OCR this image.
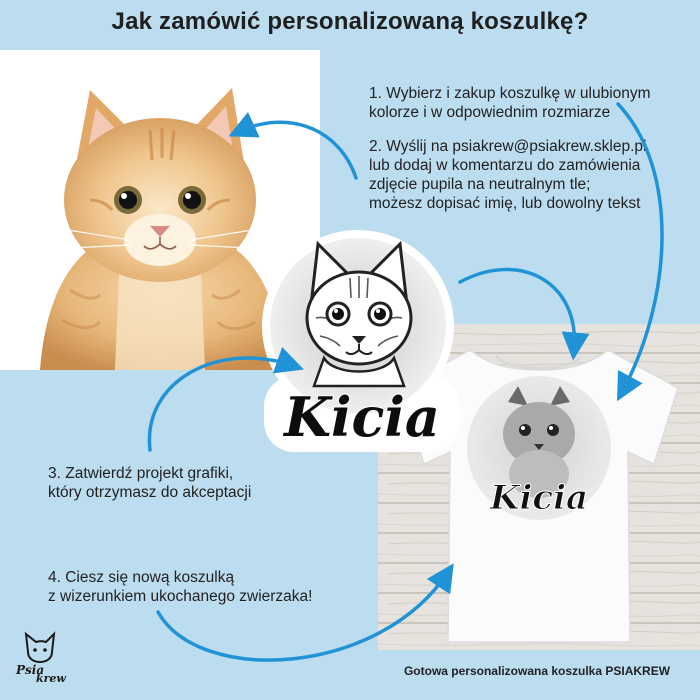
Jak zamówić personalizowaną koszulkę?
1. Wybierz i zakup koszulkę w ulubionym
kolorze i w odpowiednim rozmiarze
2. Wyślij na psiakrew@psiakrew.sklep.pl
lub dodaj w komentarzu do zamówienia
zdjęcie pupila na neutralnym tle;
możesz dopisać imię, lub dowolny tekst
3. Zatwierdź projekt grafiki,
który otrzymasz do akceptacji
4. Ciesz się nową koszulką
z wizerunkiem ukochanego zwierzaka!
Kicia
Kicia
Psia
krew
Gotowa personalizowana koszulka PSIAKREW
